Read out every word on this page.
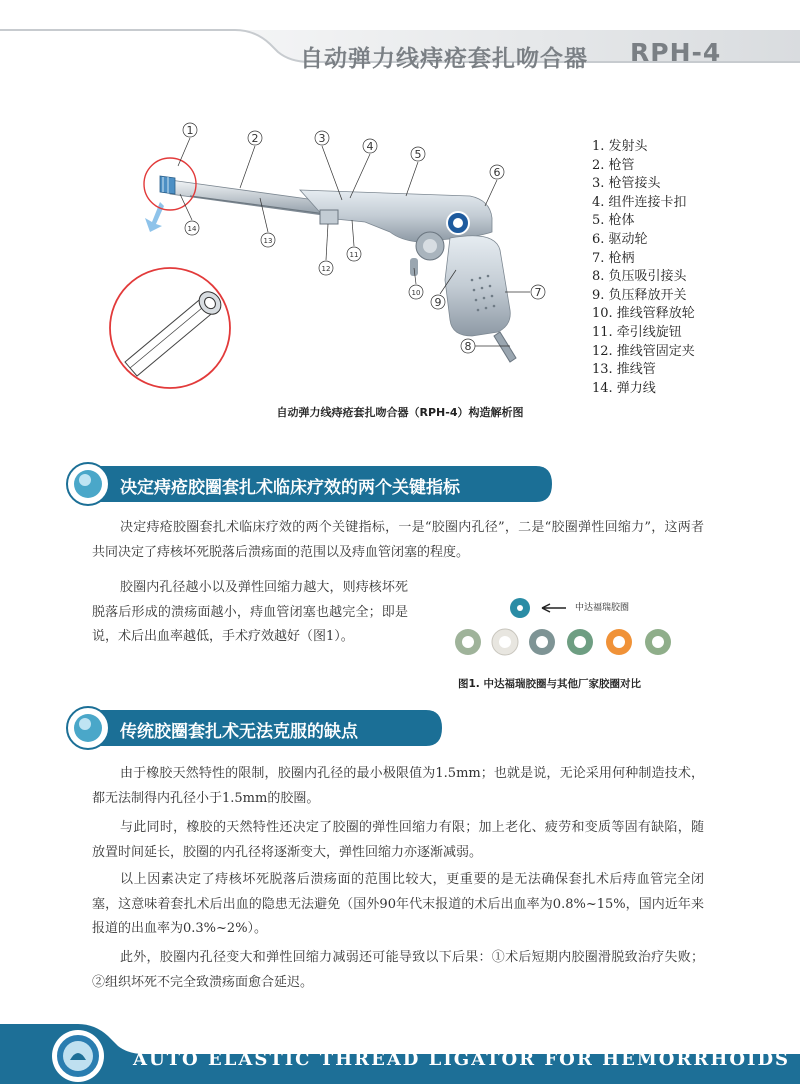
自动弹力线痔疮套扎吻合器 RPH-4
1
2	3
4
5
6
7
8
9
10
11
12
13
14
自动弹力线痔疮套扎吻合器（RPH-4）构造解析图
1. 发射头
2. 枪管
3. 枪管接头
4. 组件连接卡扣
5. 枪体
6. 驱动轮
7. 枪柄
8. 负压吸引接头
9. 负压释放开关
10. 推线管释放轮
11. 牵引线旋钮
12. 推线管固定夹
13. 推线管
14. 弹力线
决定痔疮胶圈套扎术临床疗效的两个关键指标
决定痔疮胶圈套扎术临床疗效的两个关键指标，一是“胶圈内孔径”，二是“胶圈弹性回缩力”，这两者共同决定了痔核坏死脱落后溃疡面的范围以及痔血管闭塞的程度。
胶圈内孔径越小以及弹性回缩力越大，则痔核坏死脱落后形成的溃疡面越小，痔血管闭塞也越完全；即是说，术后出血率越低，手术疗效越好（图1）。
中达福瑞胶圈
图1. 中达福瑞胶圈与其他厂家胶圈对比
传统胶圈套扎术无法克服的缺点
由于橡胶天然特性的限制，胶圈内孔径的最小极限值为1.5mm；也就是说，无论采用何种制造技术，都无法制得内孔径小于1.5mm的胶圈。
与此同时，橡胶的天然特性还决定了胶圈的弹性回缩力有限；加上老化、疲劳和变质等固有缺陷，随放置时间延长，胶圈的内孔径将逐渐变大，弹性回缩力亦逐渐减弱。
以上因素决定了痔核坏死脱落后溃疡面的范围比较大，更重要的是无法确保套扎术后痔血管完全闭塞，这意味着套扎术后出血的隐患无法避免（国外90年代末报道的术后出血率为0.8%~15%，国内近年来报道的出血率为0.3%~2%）。
此外，胶圈内孔径变大和弹性回缩力减弱还可能导致以下后果：①术后短期内胶圈滑脱致治疗失败；②组织坏死不完全致溃疡面愈合延迟。
AUTO ELASTIC THREAD LIGATOR FOR HEMORRHOIDS
